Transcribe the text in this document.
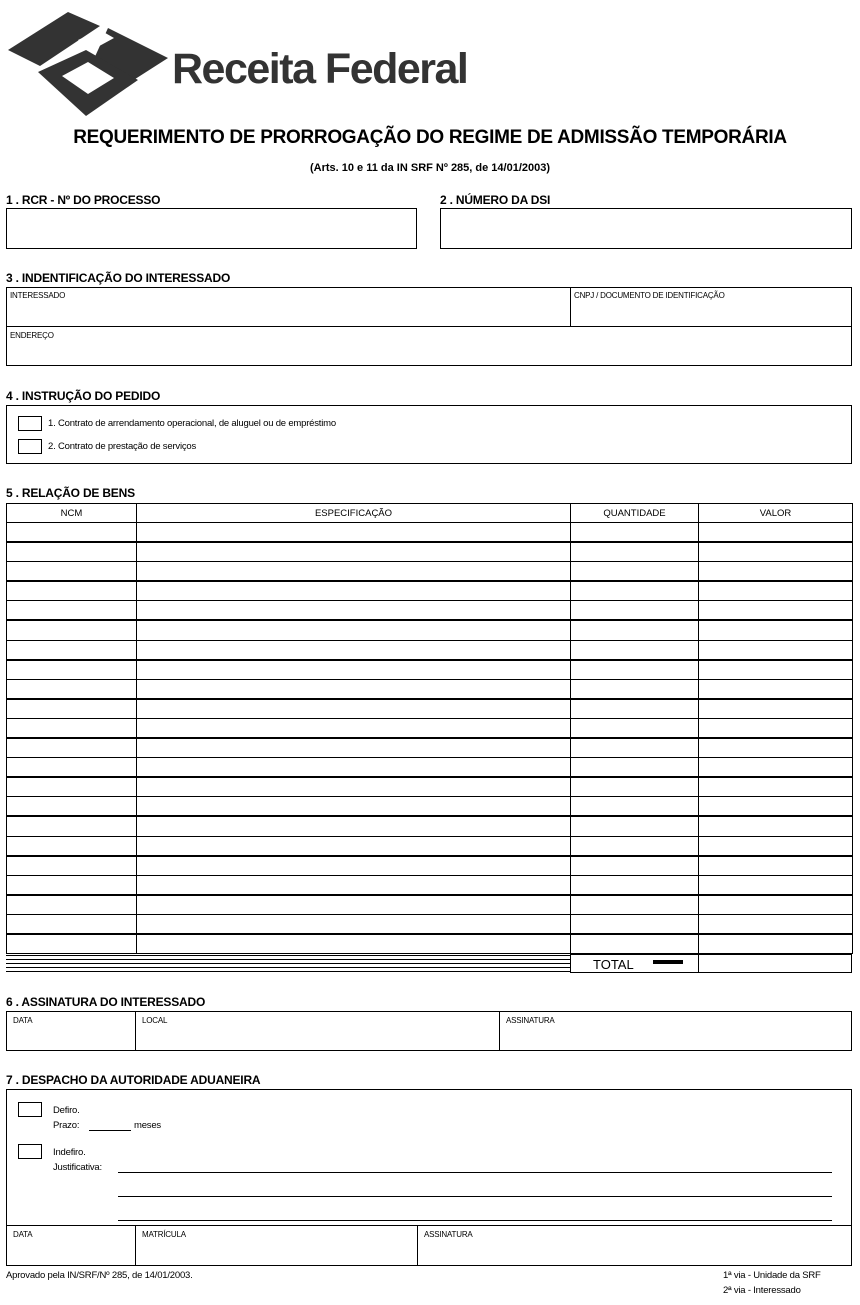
Receita Federal
REQUERIMENTO DE PRORROGAÇÃO DO REGIME DE ADMISSÃO TEMPORÁRIA
(Arts. 10 e 11 da IN SRF Nº 285, de 14/01/2003)
1 . RCR - Nº DO PROCESSO	2 . NÚMERO DA DSI
3 . INDENTIFICAÇÃO DO INTERESSADO
INTERESSADO	CNPJ / DOCUMENTO DE IDENTIFICAÇÃO
ENDEREÇO
4 . INSTRUÇÃO DO PEDIDO
1. Contrato de arrendamento operacional, de aluguel ou de empréstimo
2. Contrato de prestação de serviços
5 . RELAÇÃO DE BENS
NCM	ESPECIFICAÇÃO	QUANTIDADE	VALOR

TOTAL
6 . ASSINATURA DO INTERESSADO
DATA	LOCAL	ASSINATURA
7 . DESPACHO DA AUTORIDADE ADUANEIRA
Defiro.
Prazo:	meses
Indefiro.
Justificativa:
DATA	MATRÍCULA	ASSINATURA
Aprovado pela IN/SRF/Nº 285, de 14/01/2003.	1ª via - Unidade da SRF
2ª via - Interessado
